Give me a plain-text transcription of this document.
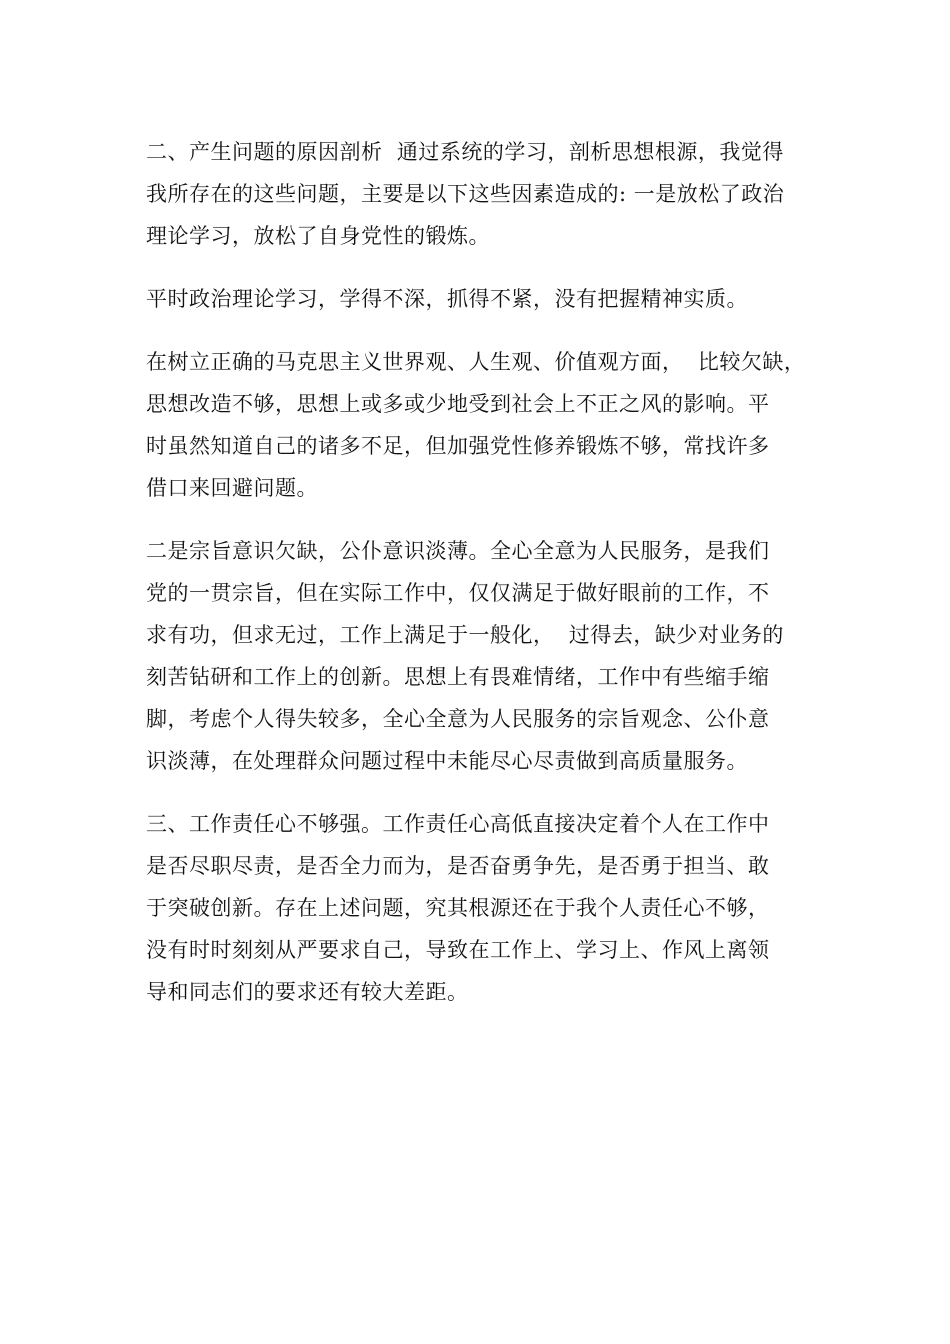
二、产生问题的原因剖析  通过系统的学习，剖析思想根源，我觉得
我所存在的这些问题，主要是以下这些因素造成的: 一是放松了政治
理论学习，放松了自身党性的锻炼。

平时政治理论学习，学得不深，抓得不紧，没有把握精神实质。

在树立正确的马克思主义世界观、人生观、价值观方面，  比较欠缺，
思想改造不够，思想上或多或少地受到社会上不正之风的影响。平
时虽然知道自己的诸多不足，但加强党性修养锻炼不够，常找许多
借口来回避问题。

二是宗旨意识欠缺，公仆意识淡薄。全心全意为人民服务，是我们
党的一贯宗旨，但在实际工作中，仅仅满足于做好眼前的工作，不
求有功，但求无过，工作上满足于一般化，  过得去，缺少对业务的
刻苦钻研和工作上的创新。思想上有畏难情绪，工作中有些缩手缩
脚，考虑个人得失较多，全心全意为人民服务的宗旨观念、公仆意
识淡薄，在处理群众问题过程中未能尽心尽责做到高质量服务。

三、工作责任心不够强。工作责任心高低直接决定着个人在工作中
是否尽职尽责，是否全力而为，是否奋勇争先，是否勇于担当、敢
于突破创新。存在上述问题，究其根源还在于我个人责任心不够，
没有时时刻刻从严要求自己，导致在工作上、学习上、作风上离领
导和同志们的要求还有较大差距。
